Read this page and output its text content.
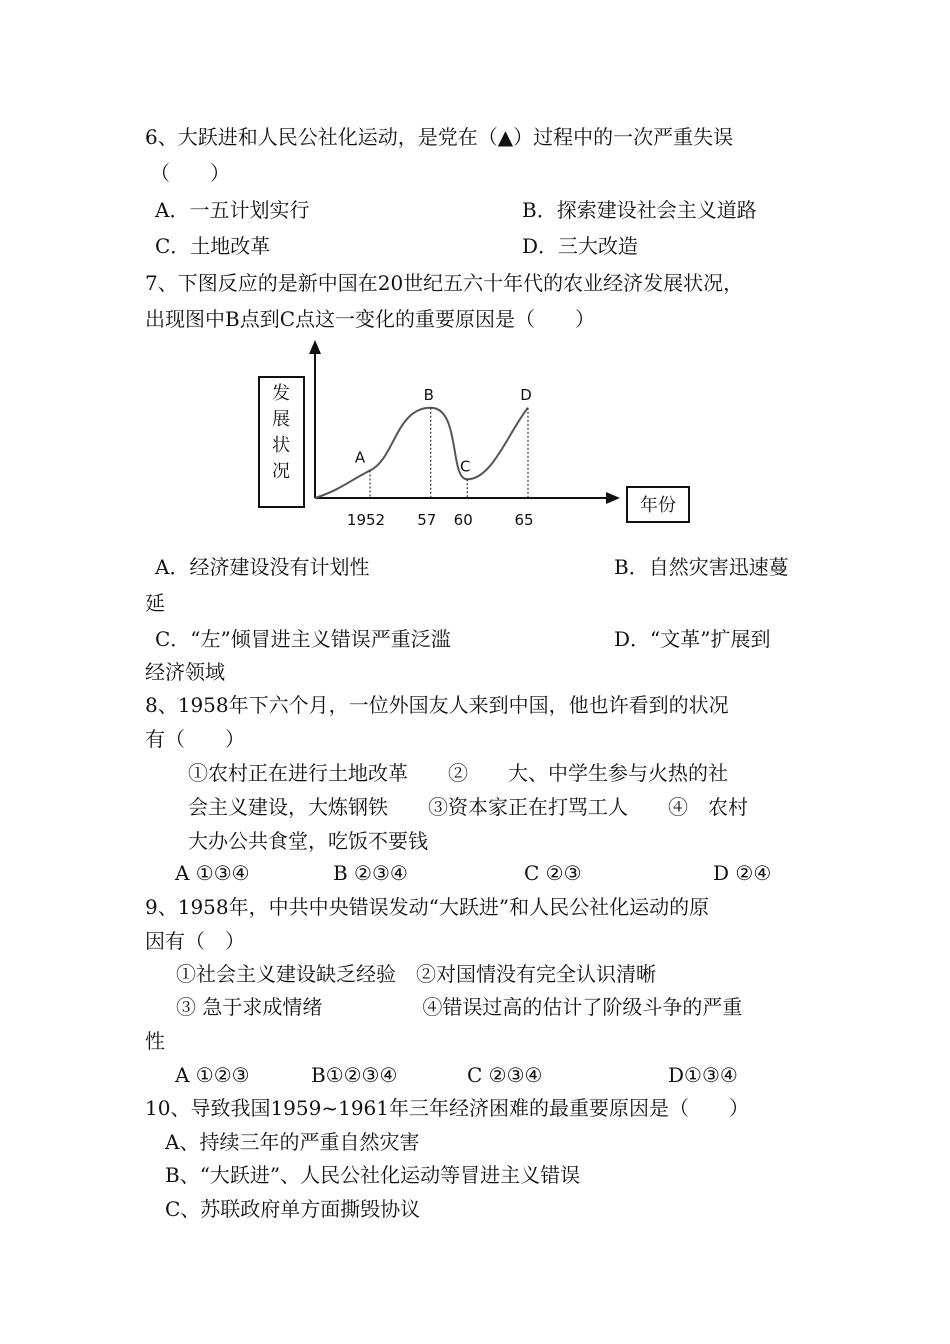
6、大跃进和人民公社化运动，是党在（▲）过程中的一次严重失误
（　　）
A．一五计划实行	B．探索建设社会主义道路
C．土地改革	D．三大改造
7、下图反应的是新中国在20世纪五六十年代的农业经济发展状况，
出现图中B点到C点这一变化的重要原因是（　　）
发
展
状
况
年份
A
1952
B
57
C
60
D
65
A．经济建设没有计划性	B．自然灾害迅速蔓
延
C．“左”倾冒进主义错误严重泛滥	D．“文革”扩展到
经济领域
8、1958年下六个月，一位外国友人来到中国，他也许看到的状况
有（　　）
①农村正在进行土地改革　　②　　大、中学生参与火热的社
会主义建设，大炼钢铁　　③资本家正在打骂工人　　④　农村
大办公共食堂，吃饭不要钱
A ①③④	B ②③④	C ②③	D ②④
9、1958年，中共中央错误发动“大跃进”和人民公社化运动的原
因有（　）
①社会主义建设缺乏经验　②对国情没有完全认识清晰
③ 急于求成情绪　　　　　④错误过高的估计了阶级斗争的严重
性
A ①②③	B①②③④	C ②③④	D①③④
10、导致我国1959~1961年三年经济困难的最重要原因是（　　）
A、持续三年的严重自然灾害
B、“大跃进”、人民公社化运动等冒进主义错误
C、苏联政府单方面撕毁协议
